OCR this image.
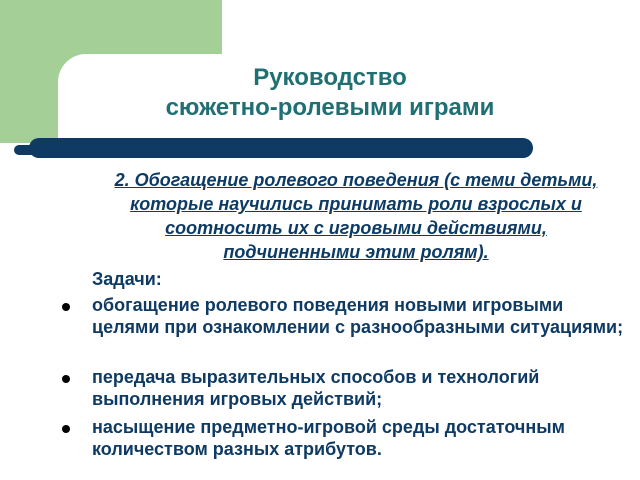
Руководство
сюжетно-ролевыми играми
2. Обогащение ролевого поведения (с теми детьми, которые научились принимать роли взрослых и соотносить их с игровыми действиями, подчиненными этим ролям).
Задачи:
обогащение ролевого поведения новыми игровыми целями при ознакомлении с разнообразными ситуациями;
передача выразительных способов и технологий выполнения игровых действий;
насыщение предметно-игровой среды достаточным количеством разных атрибутов.
